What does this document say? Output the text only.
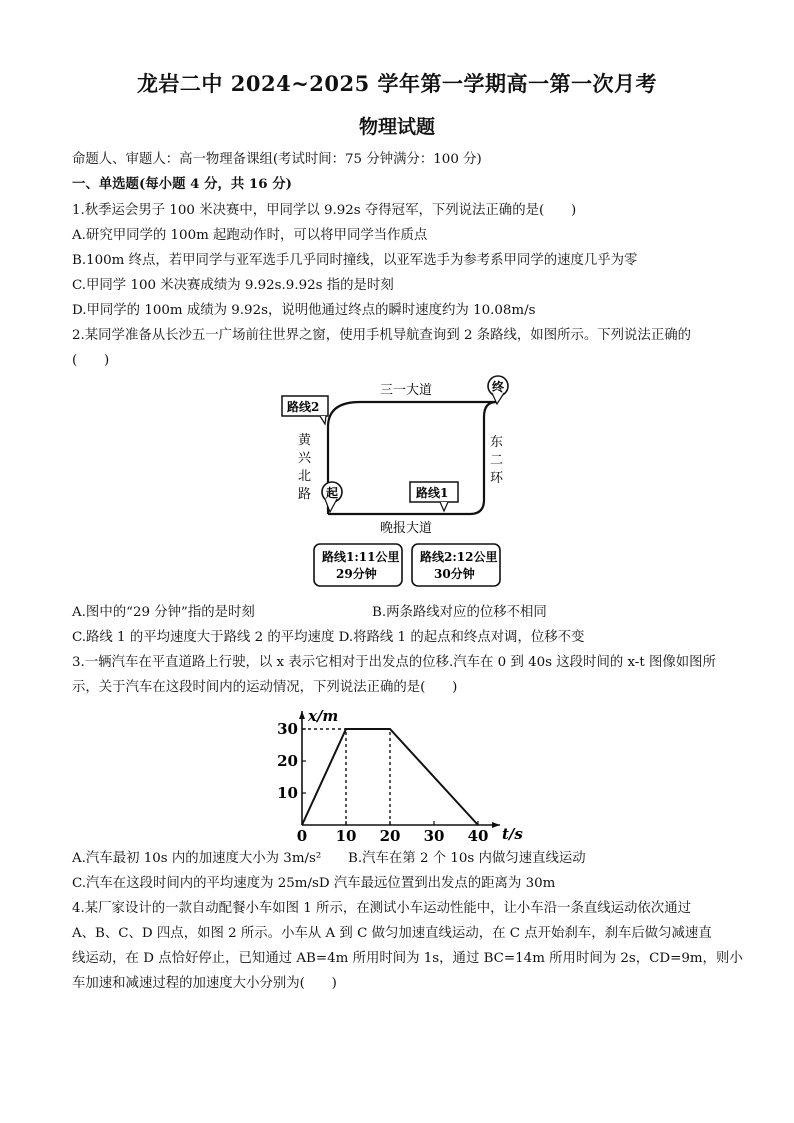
龙岩二中 2024~2025 学年第一学期高一第一次月考
物理试题
命题人、审题人：高一物理备课组(考试时间：75 分钟满分：100 分)
一、单选题(每小题 4 分，共 16 分)
1.秋季运会男子 100 米决赛中，甲同学以 9.92s 夺得冠军，下列说法正确的是(　　)
A.研究甲同学的 100m 起跑动作时，可以将甲同学当作质点
B.100m 终点，若甲同学与亚军选手几乎同时撞线，以亚军选手为参考系甲同学的速度几乎为零
C.甲同学 100 米决赛成绩为 9.92s.9.92s 指的是时刻
D.甲同学的 100m 成绩为 9.92s，说明他通过终点的瞬时速度约为 10.08m/s
2.某同学准备从长沙五一广场前往世界之窗，使用手机导航查询到 2 条路线，如图所示。下列说法正确的
(　　)
三一大道
黄
兴
北
路
东
二
环
晚报大道
路线2
路线1
起
终
路线1:11公里
29分钟
路线2:12公里
30分钟
A.图中的“29 分钟”指的是时刻	B.两条路线对应的位移不相同
C.路线 1 的平均速度大于路线 2 的平均速度 D.将路线 1 的起点和终点对调，位移不变
3.一辆汽车在平直道路上行驶，以 x 表示它相对于出发点的位移.汽车在 0 到 40s 这段时间的 x-t 图像如图所
示，关于汽车在这段时间内的运动情况，下列说法正确的是(　　)
x/m
t/s
0 10 20 30 40
10
20
30
A.汽车最初 10s 内的加速度大小为 3m/s²　　B.汽车在第 2 个 10s 内做匀速直线运动
C.汽车在这段时间内的平均速度为 25m/sD 汽车最远位置到出发点的距离为 30m
4.某厂家设计的一款自动配餐小车如图 1 所示，在测试小车运动性能中，让小车沿一条直线运动依次通过
A、B、C、D 四点，如图 2 所示。小车从 A 到 C 做匀加速直线运动，在 C 点开始刹车，刹车后做匀减速直
线运动，在 D 点恰好停止，已知通过 AB=4m 所用时间为 1s，通过 BC=14m 所用时间为 2s，CD=9m，则小
车加速和减速过程的加速度大小分别为(　　)
